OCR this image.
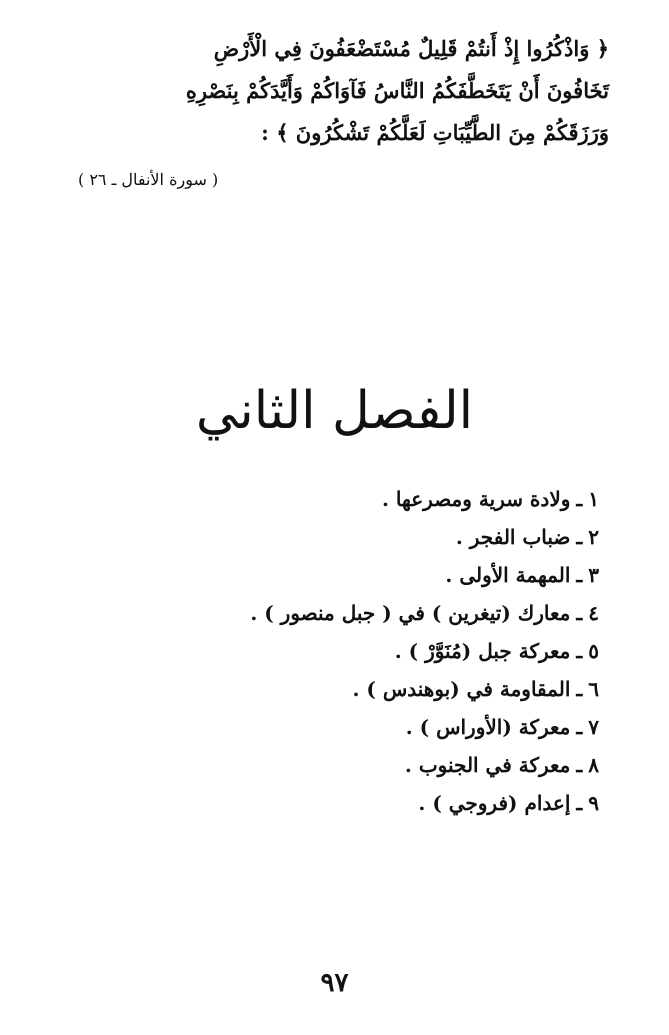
﴿ وَاذْكُرُوا إِذْ أَنتُمْ قَلِيلٌ مُسْتَضْعَفُونَ فِي الْأَرْضِ
تَخَافُونَ أَنْ يَتَخَطَّفَكُمُ النَّاسُ فَآوَاكُمْ وَأَيَّدَكُمْ بِنَصْرِهِ
وَرَزَقَكُمْ مِنَ الطَّيِّبَاتِ لَعَلَّكُمْ تَشْكُرُونَ ﴾ :
( سورة الأنفال ـ ٢٦ )
الفصل الثاني
١
ـ
ولادة سرية ومصرعها .
٢
ـ
ضباب الفجر .
٣
ـ
المهمة الأولى .
٤
ـ
معارك (تيغرين ) في ( جبل منصور ) .
٥
ـ
معركة جبل (مُنَوَّرْ ) .
٦
ـ
المقاومة في (بوهندس ) .
٧
ـ
معركة (الأوراس ) .
٨
ـ
معركة في الجنوب .
٩
ـ
إعدام (فروجي ) .
٩٧
